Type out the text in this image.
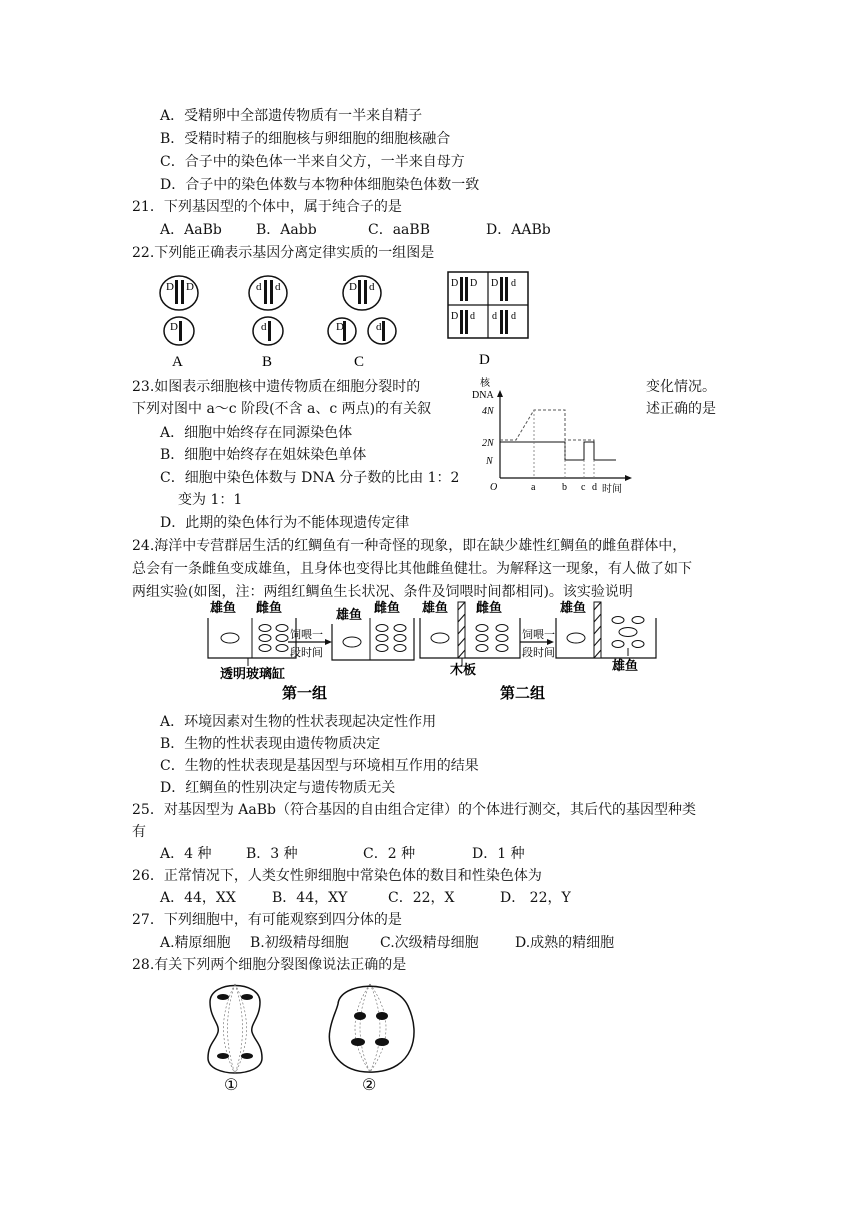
A．受精卵中全部遗传物质有一半来自精子
B．受精时精子的细胞核与卵细胞的细胞核融合
C．合子中的染色体一半来自父方，一半来自母方
D．合子中的染色体数与本物种体细胞染色体数一致
21．下列基因型的个体中，属于纯合子的是
A．AaBb B．Aabb	C．aaBB	D．AABb
22.下列能正确表示基因分离定律实质的一组图是
D D
D
A
d d
d
B
D d
D	d
C
D D D d
D d d d
D
23.如图表示细胞核中遗传物质在细胞分裂时的	变化情况。
下列对图中 a～c 阶段(不含 a、c 两点)的有关叙	述正确的是
A．细胞中始终存在同源染色体
B．细胞中始终存在姐妹染色单体
C．细胞中染色体数与 DNA 分子数的比由 1：2
变为 1：1
D．此期的染色体行为不能体现遗传定律
核
DNA
4N
2N
N
O	a	b c d 时间
24.海洋中专营群居生活的红鲷鱼有一种奇怪的现象，即在缺少雄性红鲷鱼的雌鱼群体中，
总会有一条雌鱼变成雄鱼，且身体也变得比其他雌鱼健壮。为解释这一现象，有人做了如下
两组实验(如图，注：两组红鲷鱼生长状况、条件及饲喂时间都相同)。该实验说明
雄鱼 雌鱼
饲喂一
段时间
雄鱼 雌鱼
透明玻璃缸
第一组
雄鱼 雌鱼
饲喂一
段时间
雄鱼
木板	雄鱼
第二组
A．环境因素对生物的性状表现起决定性作用
B．生物的性状表现由遗传物质决定
C．生物的性状表现是基因型与环境相互作用的结果
D．红鲷鱼的性别决定与遗传物质无关
25．对基因型为 AaBb（符合基因的自由组合定律）的个体进行测交，其后代的基因型种类
有
A．4 种 B．3 种	C．2 种	D．1 种
26．正常情况下，人类女性卵细胞中常染色体的数目和性染色体为
A．44，XX	B．44，XY	C．22，X	D． 22，Y
27．下列细胞中，有可能观察到四分体的是
A.精原细胞 B.初级精母细胞 C.次级精母细胞	D.成熟的精细胞
28.有关下列两个细胞分裂图像说法正确的是
①	②
